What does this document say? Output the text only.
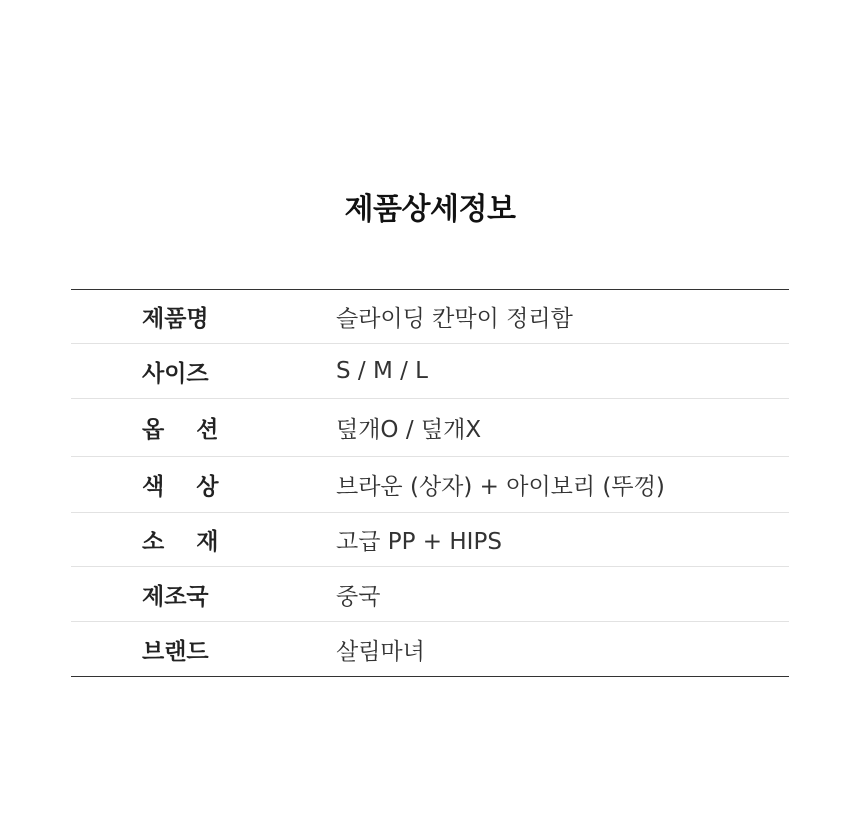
제품상세정보
제품명	슬라이딩 칸막이 정리함
사이즈	S / M / L
옵    션	덮개O / 덮개X
색    상	브라운 (상자) + 아이보리 (뚜껑)
소    재	고급 PP + HIPS
제조국	중국
브랜드	살림마녀
